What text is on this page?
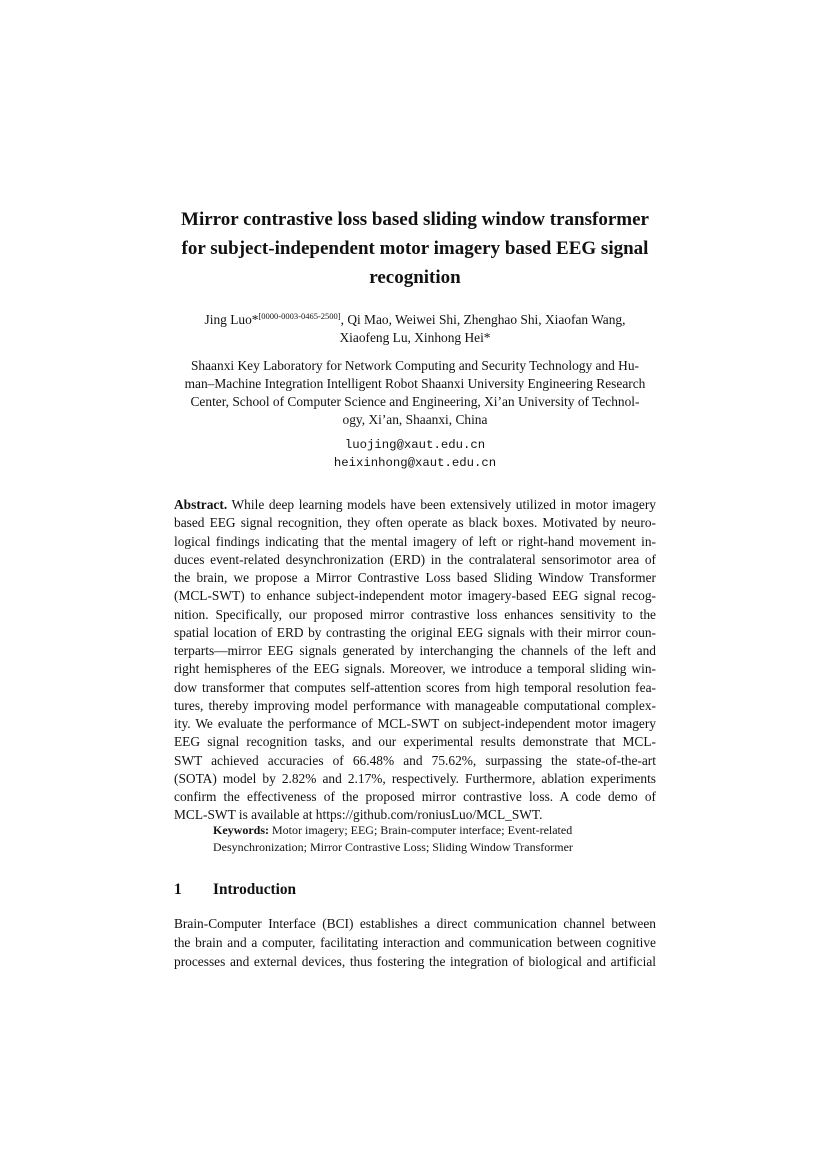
Mirror contrastive loss based sliding window transformer
for subject-independent motor imagery based EEG signal
recognition
Jing Luo*[0000-0003-0465-2500], Qi Mao, Weiwei Shi, Zhenghao Shi, Xiaofan Wang,
Xiaofeng Lu, Xinhong Hei*
Shaanxi Key Laboratory for Network Computing and Security Technology and Hu-
man–Machine Integration Intelligent Robot Shaanxi University Engineering Research
Center, School of Computer Science and Engineering, Xi’an University of Technol-
ogy, Xi’an, Shaanxi, China
luojing@xaut.edu.cn
heixinhong@xaut.edu.cn
Abstract. While deep learning models have been extensively utilized in motor imagery
based EEG signal recognition, they often operate as black boxes. Motivated by neuro-
logical findings indicating that the mental imagery of left or right-hand movement in-
duces event-related desynchronization (ERD) in the contralateral sensorimotor area of
the brain, we propose a Mirror Contrastive Loss based Sliding Window Transformer
(MCL-SWT) to enhance subject-independent motor imagery-based EEG signal recog-
nition. Specifically, our proposed mirror contrastive loss enhances sensitivity to the
spatial location of ERD by contrasting the original EEG signals with their mirror coun-
terparts—mirror EEG signals generated by interchanging the channels of the left and
right hemispheres of the EEG signals. Moreover, we introduce a temporal sliding win-
dow transformer that computes self-attention scores from high temporal resolution fea-
tures, thereby improving model performance with manageable computational complex-
ity. We evaluate the performance of MCL-SWT on subject-independent motor imagery
EEG signal recognition tasks, and our experimental results demonstrate that MCL-
SWT achieved accuracies of 66.48% and 75.62%, surpassing the state-of-the-art
(SOTA) model by 2.82% and 2.17%, respectively. Furthermore, ablation experiments
confirm the effectiveness of the proposed mirror contrastive loss. A code demo of
MCL-SWT is available at https://github.com/roniusLuo/MCL_SWT.
Keywords: Motor imagery; EEG; Brain-computer interface; Event-related
Desynchronization; Mirror Contrastive Loss; Sliding Window Transformer
1 Introduction
Brain-Computer Interface (BCI) establishes a direct communication channel between
the brain and a computer, facilitating interaction and communication between cognitive
processes and external devices, thus fostering the integration of biological and artificial
